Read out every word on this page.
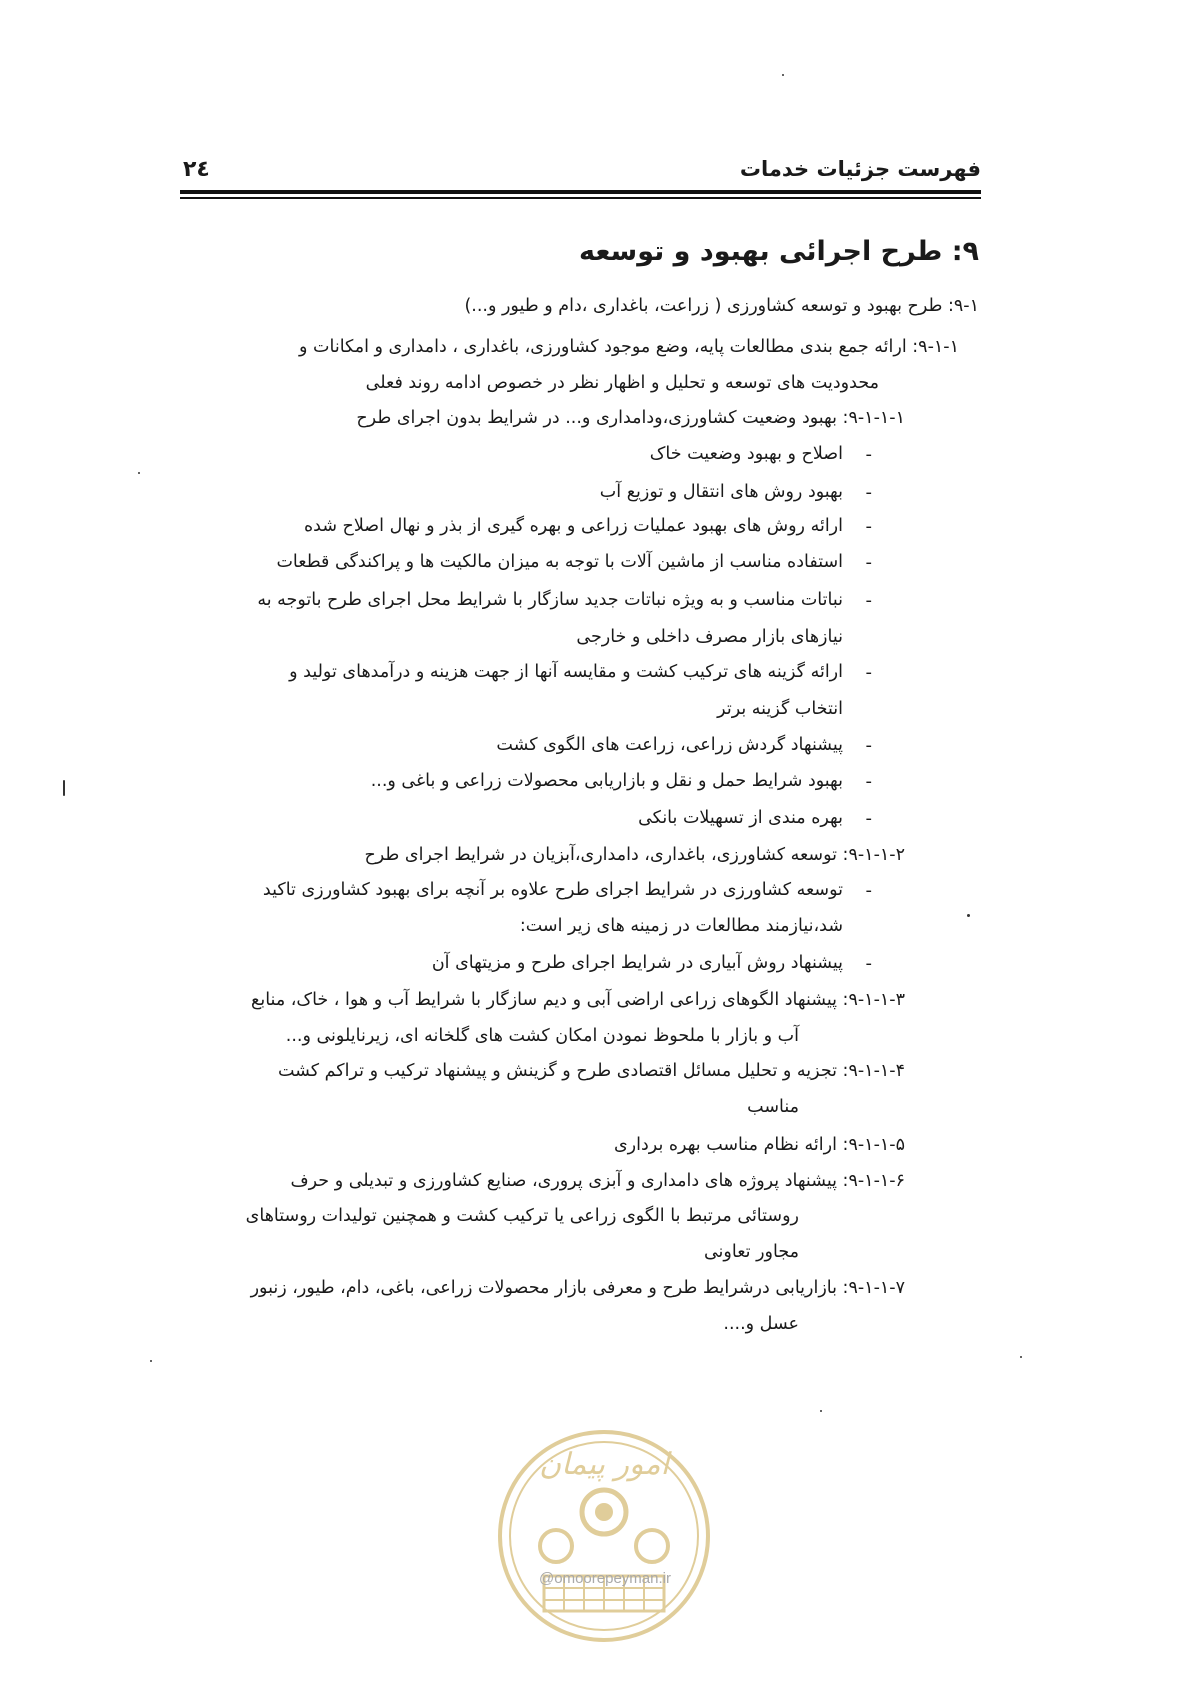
فهرست جزئیات خدمات
۲٤
۹: طرح اجرائی بهبود و توسعه
۹-۱: طرح بهبود و توسعه کشاورزی ( زراعت، باغداری ،دام و طیور و...)
۹-۱-۱: ارائه جمع بندی مطالعات پایه، وضع موجود کشاورزی، باغداری ، دامداری و امکانات و
محدودیت های توسعه و تحلیل و اظهار نظر در خصوص ادامه روند فعلی
۹-۱-۱-۱: بهبود وضعیت کشاورزی،ودامداری و... در شرایط بدون اجرای طرح
-
اصلاح و بهبود وضعیت خاک
-
بهبود روش های انتقال و توزیع آب
-
ارائه روش های بهبود عملیات زراعی و بهره گیری از بذر و نهال اصلاح شده
-
استفاده مناسب از ماشین آلات با توجه به میزان مالکیت ها و پراکندگی قطعات
-
نباتات مناسب و به ویژه نباتات جدید سازگار با شرایط محل اجرای طرح باتوجه به
نیازهای بازار مصرف داخلی و خارجی
-
ارائه گزینه های ترکیب کشت و مقایسه آنها از جهت هزینه و درآمدهای تولید و
انتخاب گزینه برتر
-
پیشنهاد گردش زراعی، زراعت های الگوی کشت
-
بهبود شرایط حمل و نقل و بازاریابی محصولات زراعی و باغی و...
-
بهره مندی از تسهیلات بانکی
۹-۱-۱-۲: توسعه کشاورزی، باغداری، دامداری،آبزیان در شرایط اجرای طرح
-
توسعه کشاورزی در شرایط اجرای طرح علاوه بر آنچه برای بهبود کشاورزی تاکید
شد،نیازمند مطالعات در زمینه های زیر است:
-
پیشنهاد روش آبیاری در شرایط اجرای طرح و مزیتهای آن
۹-۱-۱-۳: پیشنهاد الگوهای زراعی اراضی آبی و دیم سازگار با شرایط آب و هوا ، خاک، منابع
آب و بازار با ملحوظ نمودن امکان کشت های گلخانه ای، زیرنایلونی و...
۹-۱-۱-۴: تجزیه و تحلیل مسائل اقتصادی طرح و گزینش و پیشنهاد ترکیب و تراکم کشت
مناسب
۹-۱-۱-۵: ارائه نظام مناسب بهره برداری
۹-۱-۱-۶: پیشنهاد پروژه های دامداری و آبزی پروری، صنایع کشاورزی و تبدیلی و حرف
روستائی مرتبط با الگوی زراعی یا ترکیب کشت و همچنین تولیدات روستاهای
مجاور تعاونی
۹-۱-۱-۷: بازاریابی درشرایط طرح و معرفی بازار محصولات زراعی، باغی، دام، طیور، زنبور
عسل و....
امور پیمان
@omoorepeyman.ir
